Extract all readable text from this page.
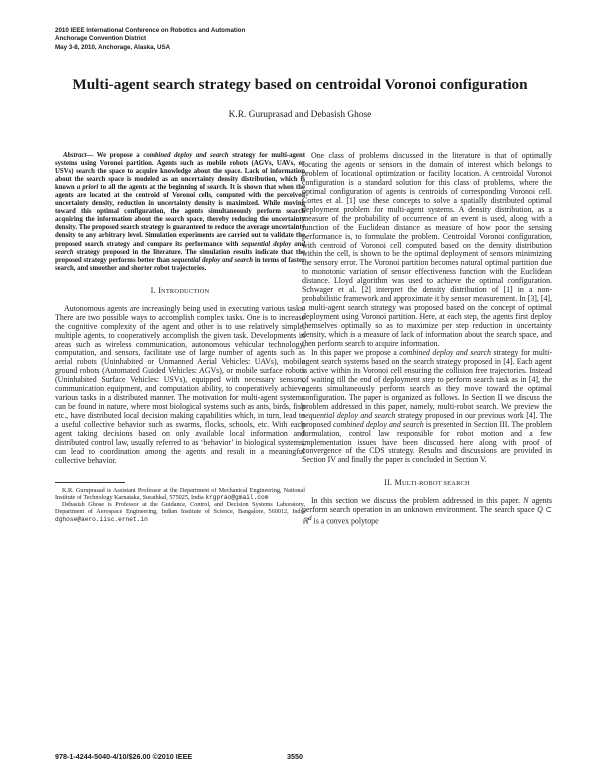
2010 IEEE International Conference on Robotics and Automation
Anchorage Convention District
May 3-8, 2010, Anchorage, Alaska, USA
Multi-agent search strategy based on centroidal Voronoi configuration
K.R. Guruprasad and Debasish Ghose

Abstract— We propose a combined deploy and search strategy for multi-agent systems using Voronoi partition. Agents such as mobile robots (AGVs, UAVs, or USVs) search the space to acquire knowledge about the space. Lack of information about the search space is modeled as an uncertainty density distribution, which is known a priori to all the agents at the beginning of search. It is shown that when the agents are located at the centroid of Voronoi cells, computed with the perceived uncertainty density, reduction in uncertainty density is maximized. While moving toward this optimal configuration, the agents simultaneously perform search acquiring the information about the search space, thereby reducing the uncertainty density. The proposed search strategy is guaranteed to reduce the average uncertainty density to any arbitrary level. Simulation experiments are carried out to validate the proposed search strategy and compare its performance with sequential deploy and search strategy proposed in the literature. The simulation results indicate that the proposed strategy performs better than sequential deploy and search in terms of faster search, and smoother and shorter robot trajectories.

I. INTRODUCTION

Autonomous agents are increasingly being used in executing various tasks. There are two possible ways to accomplish complex tasks. One is to increase the cognitive complexity of the agent and other is to use relatively simple, multiple agents, to cooperatively accomplish the given task. Developments in areas such as wireless communication, autonomous vehicular technology, computation, and sensors, facilitate use of large number of agents such as aerial robots (Uninhabited or Unmanned Aerial Vehicles: UAVs), mobile ground robots (Automated Guided Vehicles: AGVs), or mobile surface robots (Uninhabited Surface Vehicles: USVs), equipped with necessary sensors, communication equipment, and computation ability, to cooperatively achieve various tasks in a distributed manner. The motivation for multi-agent systems can be found in nature, where most biological systems such as ants, birds, fish etc., have distributed local decision making capabilities which, in turn, lead to a useful collective behavior such as swarms, flocks, schools, etc. With each agent taking decisions based on only available local information and distributed control law, usually referred to as ‘behavior’ in biological systems, can lead to coordination among the agents and result in a meaningful collective behavior.

K.R. Guruprasad is Assistant Professor at the Department of Mechanical Engineering, National Institute of Technology Karnataka, Surathkal, 575025, India krgprao@gmail.com

Debasish Ghose is Professor at the Guidance, Control, and Decision Systems Laboratory, Department of Aerospace Engineering, Indian Institute of Science, Bangalore, 560012, India dghose@aero.iisc.ernet.in

One class of problems discussed in the literature is that of optimally locating the agents or sensors in the domain of interest which belongs to problem of locational optimization or facility location. A centroidal Voronoi configuration is a standard solution for this class of problems, where the optimal configuration of agents is centroids of corresponding Voronoi cell. Cortes et al. [1] use these concepts to solve a spatially distributed optimal deployment problem for multi-agent systems. A density distribution, as a measure of the probability of occurrence of an event is used, along with a function of the Euclidean distance as measure of how poor the sensing performance is, to formulate the problem. Centroidal Voronoi configuration, with centroid of Voronoi cell computed based on the density distribution within the cell, is shown to be the optimal deployment of sensors minimizing the sensory error. The Voronoi partition becomes natural optimal partition due to monotonic variation of sensor effectiveness function with the Euclidean distance. Lloyd algorithm was used to achieve the optimal configuration. Schwager et al. [2] interpret the density distribution of [1] in a non-probabilistic framework and approximate it by sensor measurement. In [3], [4], a multi-agent search strategy was proposed based on the concept of optimal deployment using Voronoi partition. Here, at each step, the agents first deploy themselves optimally so as to maximize per step reduction in uncertainty density, which is a measure of lack of information about the search space, and then perform search to acquire information.

In this paper we propose a combined deploy and search strategy for multi-agent search systems based on the search strategy proposed in [4]. Each agent is active within its Voronoi cell ensuring the collision free trajectories. Instead of waiting till the end of deployment step to perform search task as in [4], the agents simultaneously perform search as they move toward the optimal configuration. The paper is organized as follows. In Section II we discuss the problem addressed in this paper, namely, multi-robot search. We preview the sequential deploy and search strategy proposed in our previous work [4]. The proposed combined deploy and search is presented in Section III. The problem formulation, control law responsible for robot motion and a few implementation issues have been discussed here along with proof of convergence of the CDS strategy. Results and discussions are provided in Section IV and finally the paper is concluded in Section V.

II. MULTI-ROBOT SEARCH

In this section we discuss the problem addressed in this paper. N agents perform search operation in an unknown environment. The search space Q ⊂ ℝ$^d$ is a convex polytope

978-1-4244-5040-4/10/$26.00 ©2010 IEEE	3550
